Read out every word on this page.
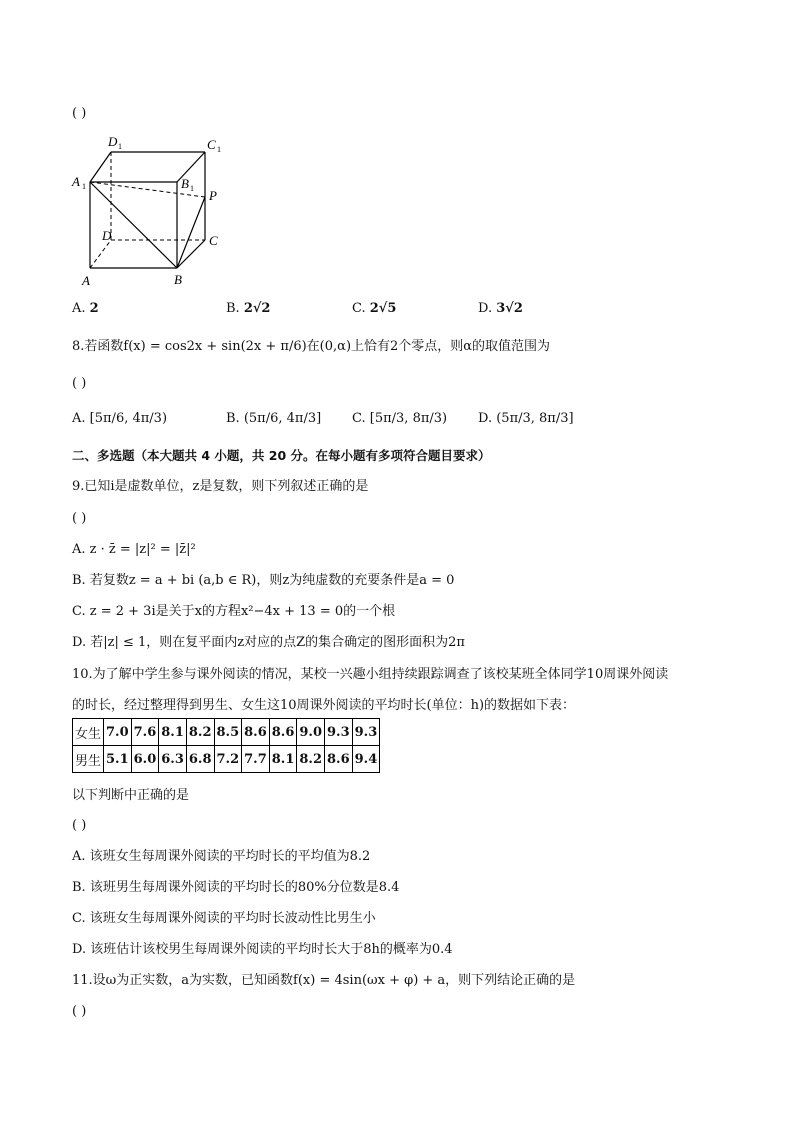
( )
D 1	C 1
A 1	B 1 P
D	C
A	B
A. 2	B. 2√2	C. 2√5	D. 3√2
8.若函数f(x) = cos2x + sin(2x + π/6)在(0,α)上恰有2个零点，则α的取值范围为
( )
A. [5π/6, 4π/3)	B. (5π/6, 4π/3] C. [5π/3, 8π/3) D. (5π/3, 8π/3]
二、多选题（本大题共 4 小题，共 20 分。在每小题有多项符合题目要求）
9.已知i是虚数单位，z是复数，则下列叙述正确的是
( )
A. z · z̄ = |z|² = |z̄|²
B. 若复数z = a + bi (a,b ∈ R)，则z为纯虚数的充要条件是a = 0
C. z = 2 + 3i是关于x的方程x²−4x + 13 = 0的一个根
D. 若|z| ≤ 1，则在复平面内z对应的点Z的集合确定的图形面积为2π
10.为了解中学生参与课外阅读的情况，某校一兴趣小组持续跟踪调查了该校某班全体同学10周课外阅读
的时长，经过整理得到男生、女生这10周课外阅读的平均时长(单位：h)的数据如下表：
女生	7.0	7.6	8.1	8.2	8.5	8.6	8.6	9.0	9.3	9.3
男生	5.1	6.0	6.3	6.8	7.2	7.7	8.1	8.2	8.6	9.4
以下判断中正确的是
( )
A. 该班女生每周课外阅读的平均时长的平均值为8.2
B. 该班男生每周课外阅读的平均时长的80%分位数是8.4
C. 该班女生每周课外阅读的平均时长波动性比男生小
D. 该班估计该校男生每周课外阅读的平均时长大于8h的概率为0.4
11.设ω为正实数，a为实数，已知函数f(x) = 4sin(ωx + φ) + a，则下列结论正确的是
( )
